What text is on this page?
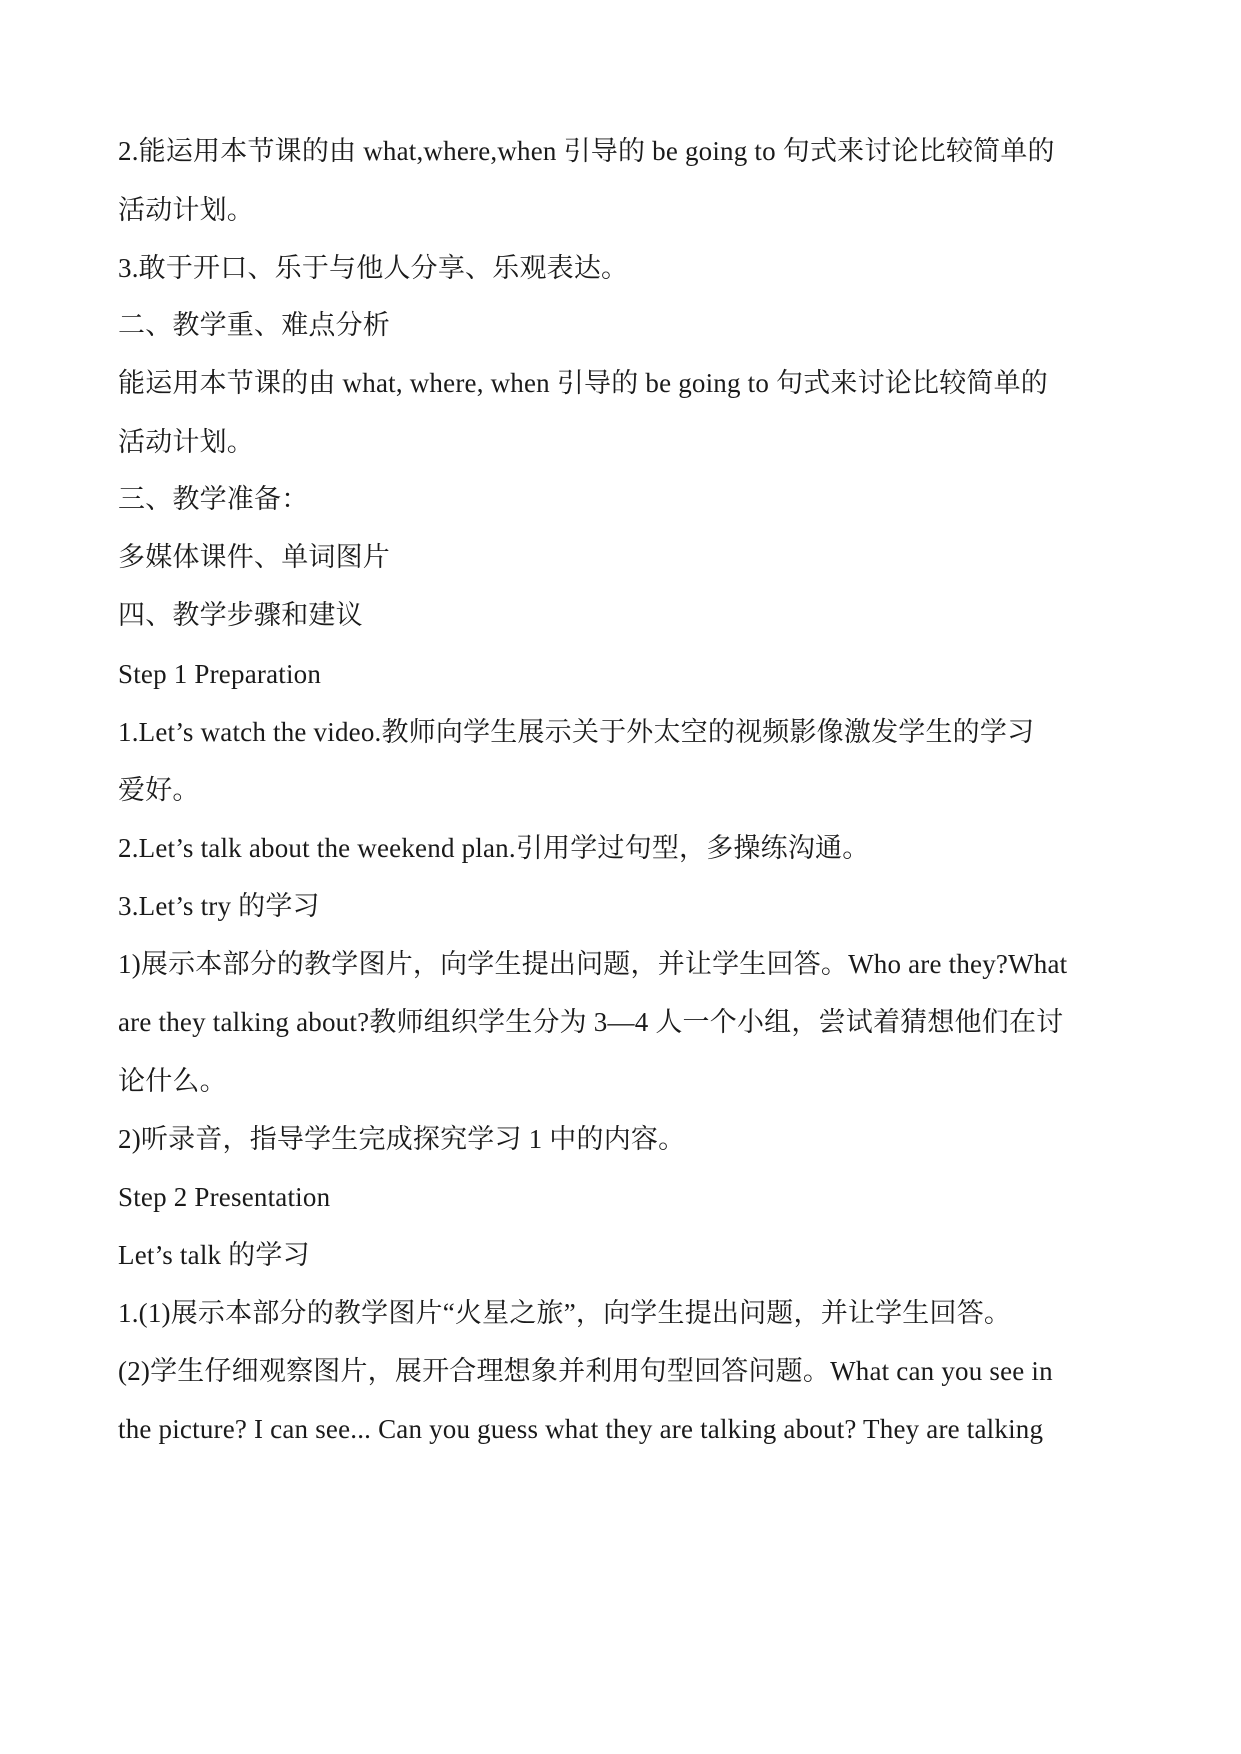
2.能运用本节课的由 what,where,when 引导的 be going to 句式来讨论比较简单的
活动计划。
3.敢于开口、乐于与他人分享、乐观表达。
二、教学重、难点分析
能运用本节课的由 what, where, when 引导的 be going to 句式来讨论比较简单的
活动计划。
三、教学准备：
多媒体课件、单词图片
四、教学步骤和建议
Step 1 Preparation
1.Let’s watch the video.教师向学生展示关于外太空的视频影像激发学生的学习
爱好。
2.Let’s talk about the weekend plan.引用学过句型，多操练沟通。
3.Let’s try 的学习
1)展示本部分的教学图片，向学生提出问题，并让学生回答。Who are they?What
are they talking about?教师组织学生分为 3—4 人一个小组，尝试着猜想他们在讨
论什么。
2)听录音，指导学生完成探究学习 1 中的内容。
Step 2 Presentation
Let’s talk 的学习
1.(1)展示本部分的教学图片“火星之旅”，向学生提出问题，并让学生回答。
(2)学生仔细观察图片，展开合理想象并利用句型回答问题。What can you see in
the picture? I can see... Can you guess what they are talking about? They are talking
